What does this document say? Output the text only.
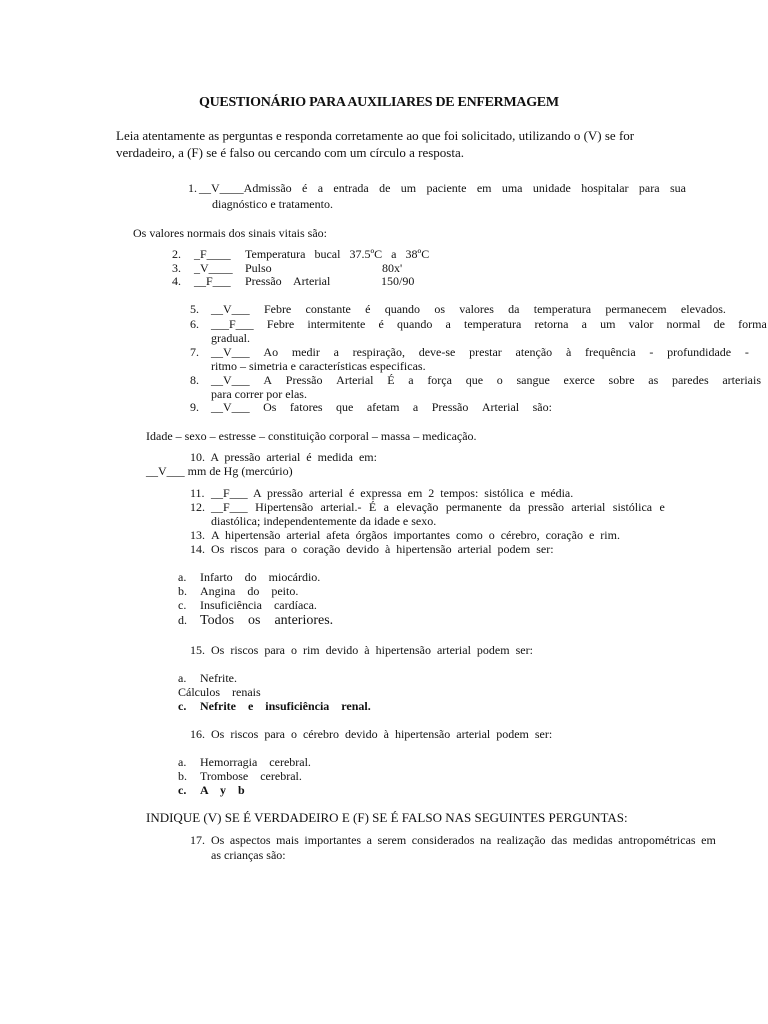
QUESTIONÁRIO PARA AUXILIARES DE ENFERMAGEM
Leia atentamente as perguntas e responda corretamente ao que foi solicitado, utilizando o (V) se for
verdadeiro, a (F) se é falso ou cercando com um círculo a resposta.
1. __V____Admissão é a entrada de um paciente em uma unidade hospitalar para sua
diagnóstico e tratamento.
Os valores normais dos sinais vitais são:
2. _F____ Temperatura   bucal   37.5ºC   a   38ºC
3. _V____ Pulso	80x'
4. __F___ Pressão    Arterial	150/90
5. __V___ Febre constante é quando os valores da temperatura permanecem elevados.
6. ___F___ Febre intermitente é quando a temperatura retorna a um valor normal de forma
gradual.
7. __V___ Ao medir a respiração, deve-se prestar atenção à frequência - profundidade -
ritmo – simetria e características especificas.
8. __V___ A Pressão Arterial É a força que o sangue exerce sobre as paredes arteriais
para correr por elas.
9. __V___ Os fatores que afetam a Pressão Arterial são:
Idade – sexo – estresse – constituição corporal – massa – medicação.
10.  A  pressão  arterial  é  medida  em:
__V___ mm de Hg (mercúrio)
11. __F___  A  pressão  arterial  é  expressa  em  2  tempos:  sistólica  e  média.
12. __F___ Hipertensão arterial.- É a elevação permanente da pressão arterial sistólica e
diastólica; independentemente da idade e sexo.
13. A  hipertensão  arterial  afeta  órgãos  importantes  como  o  cérebro,  coração  e  rim.
14. Os  riscos  para  o  coração  devido  à  hipertensão  arterial  podem  ser:
a. Infarto    do    miocárdio.
b. Angina    do    peito.
c. Insuficiência    cardíaca.
d. Todos    os    anteriores.
15.  Os  riscos  para  o  rim  devido  à  hipertensão  arterial  podem  ser:
a. Nefrite.
Cálculos    renais
c. Nefrite    e    insuficiência    renal.
16.  Os  riscos  para  o  cérebro  devido  à  hipertensão  arterial  podem  ser:
a. Hemorragia    cerebral.
b. Trombose    cerebral.
c. A    y    b
INDIQUE (V) SE É VERDADEIRO E (F) SE É FALSO NAS SEGUINTES PERGUNTAS:
17. Os aspectos mais importantes a serem considerados na realização das medidas antropométricas em
as crianças são:
